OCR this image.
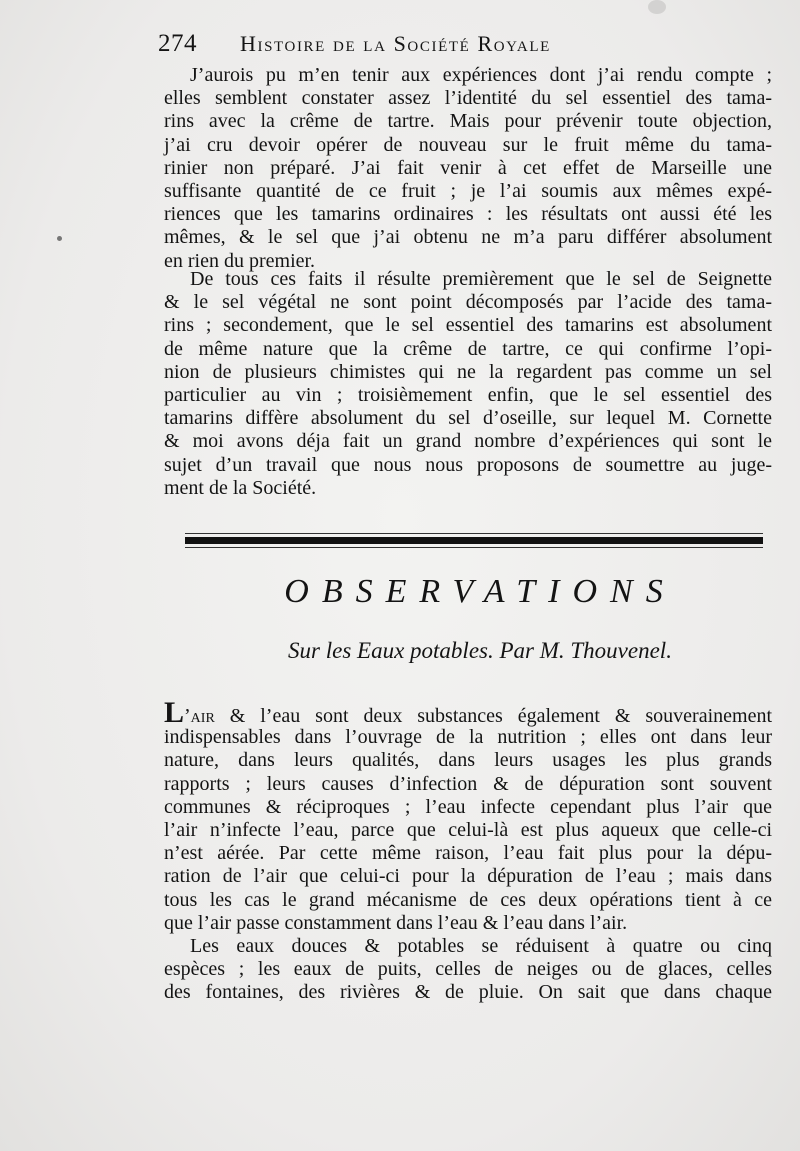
274	Histoire de la Société Royale
J’aurois pu m’en tenir aux expériences dont j’ai rendu compte ;
elles semblent constater assez l’identité du sel essentiel des tama-
rins avec la crême de tartre. Mais pour prévenir toute objection,
j’ai cru devoir opérer de nouveau sur le fruit même du tama-
rinier non préparé. J’ai fait venir à cet effet de Marseille une
suffisante quantité de ce fruit ; je l’ai soumis aux mêmes expé-
riences que les tamarins ordinaires : les résultats ont aussi été les
mêmes, & le sel que j’ai obtenu ne m’a paru différer absolument
en rien du premier.
De tous ces faits il résulte premièrement que le sel de Seignette
& le sel végétal ne sont point décomposés par l’acide des tama-
rins ; secondement, que le sel essentiel des tamarins est absolument
de même nature que la crême de tartre, ce qui confirme l’opi-
nion de plusieurs chimistes qui ne la regardent pas comme un sel
particulier au vin ; troisièmement enfin, que le sel essentiel des
tamarins diffère absolument du sel d’oseille, sur lequel M. Cornette
& moi avons déja fait un grand nombre d’expériences qui sont le
sujet d’un travail que nous nous proposons de soumettre au juge-
ment de la Société.
OBSERVATIONS
Sur les Eaux potables. Par M. Thouvenel.
L’air & l’eau sont deux substances également & souverainement
indispensables dans l’ouvrage de la nutrition ; elles ont dans leur
nature, dans leurs qualités, dans leurs usages les plus grands
rapports ; leurs causes d’infection & de dépuration sont souvent
communes & réciproques ; l’eau infecte cependant plus l’air que
l’air n’infecte l’eau, parce que celui-là est plus aqueux que celle-ci
n’est aérée. Par cette même raison, l’eau fait plus pour la dépu-
ration de l’air que celui-ci pour la dépuration de l’eau ; mais dans
tous les cas le grand mécanisme de ces deux opérations tient à ce
que l’air passe constamment dans l’eau & l’eau dans l’air.
Les eaux douces & potables se réduisent à quatre ou cinq
espèces ; les eaux de puits, celles de neiges ou de glaces, celles
des fontaines, des rivières & de pluie. On sait que dans chaque
